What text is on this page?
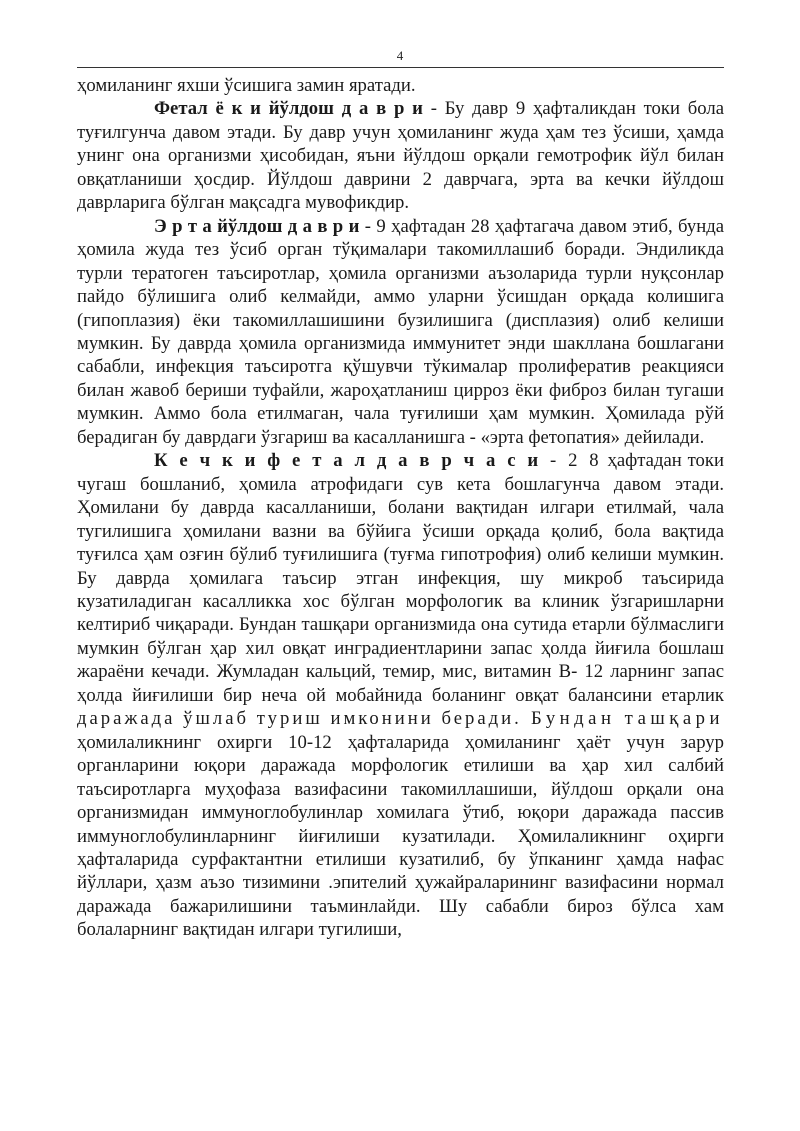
4

ҳомиланинг яхши ўсишига замин яратади.

Фетал ё к и йўлдош д а в р и - Бу давр 9 ҳафталикдан токи бола туғилгунча давом этади. Бу давр учун ҳомиланинг жуда ҳам тез ўсиши, ҳамда унинг она организми ҳисобидан, яъни йўлдош орқали гемотрофик йўл билан овқатланиши ҳосдир. Йўлдош даврини 2 даврчага, эрта ва кечки йўлдош даврларига бўлган мақсадга мувофикдир.

Э р т а йўлдош д а в р и - 9 ҳафтадан 28 ҳафтагача давом этиб, бунда ҳомила жуда тез ўсиб орган тўқималари такомиллашиб боради. Эндиликда турли тератоген таъсиротлар, ҳомила организми аъзоларида турли нуқсонлар пайдо бўлишига олиб келмайди, аммо уларни ўсишдан орқада колишига (гипоплазия) ёки такомиллашишини бузилишига (дисплазия) олиб келиши мумкин. Бу даврда ҳомила организмида иммунитет энди шакллана бошлагани сабабли, инфекция таъсиротга қўшувчи тўкималар пролифератив реакцияси билан жавоб бериши туфайли, жароҳатланиш цирроз ёки фиброз билан тугаши мумкин. Аммо бола етилмаган, чала туғилиши ҳам мумкин. Ҳомилада рўй берадиган бу даврдаги ўзгариш ва касалланишга - «эрта фетопатия» дейилади.

К е ч к и ф е т а л д а в р ч а с и - 2 8 ҳафтадан токи чугаш бошланиб, ҳомила атрофидаги сув кета бошлагунча давом этади. Ҳомилани бу даврда касалланиши, болани вақтидан илгари етилмай, чала тугилишига ҳомилани вазни ва бўйига ўсиши орқада қолиб, бола вақтида туғилса ҳам озғин бўлиб туғилишига (туғма гипотрофия) олиб келиши мумкин. Бу даврда ҳомилага таъсир этган инфекция, шу микроб таъсирида кузатиладиган касалликка хос бўлган морфологик ва клиник ўзгаришларни келтириб чиқаради. Бундан ташқари организмида она сутида етарли бўлмаслиги мумкин бўлган ҳар хил овқат инградиентларини запас ҳолда йиғила бошлаш жараёни кечади. Жумладан кальций, темир, мис, витамин В- 12 ларнинг запас ҳолда йиғилиши бир неча ой мобайнида боланинг овқат балансини етарлик даражада ўшлаб туриш имконини беради. Бундан ташқари ҳомилаликнинг охирги 10-12 ҳафталарида ҳомиланинг ҳаёт учун зарур органларини юқори даражада морфологик етилиши ва ҳар хил салбий таъсиротларга муҳофаза вазифасини такомиллашиши, йўлдош орқали она организмидан иммуноглобулинлар хомилага ўтиб, юқори даражада пассив иммуноглобулинларнинг йиғилиши кузатилади. Ҳомилаликнинг оҳирги ҳафталарида сурфактантни етилиши кузатилиб, бу ўпканинг ҳамда нафас йўллари, ҳазм аъзо тизимини .эпителий ҳужайраларининг вазифасини нормал даражада бажарилишини таъминлайди. Шу сабабли бироз бўлса хам болаларнинг вақтидан илгари тугилиши,
